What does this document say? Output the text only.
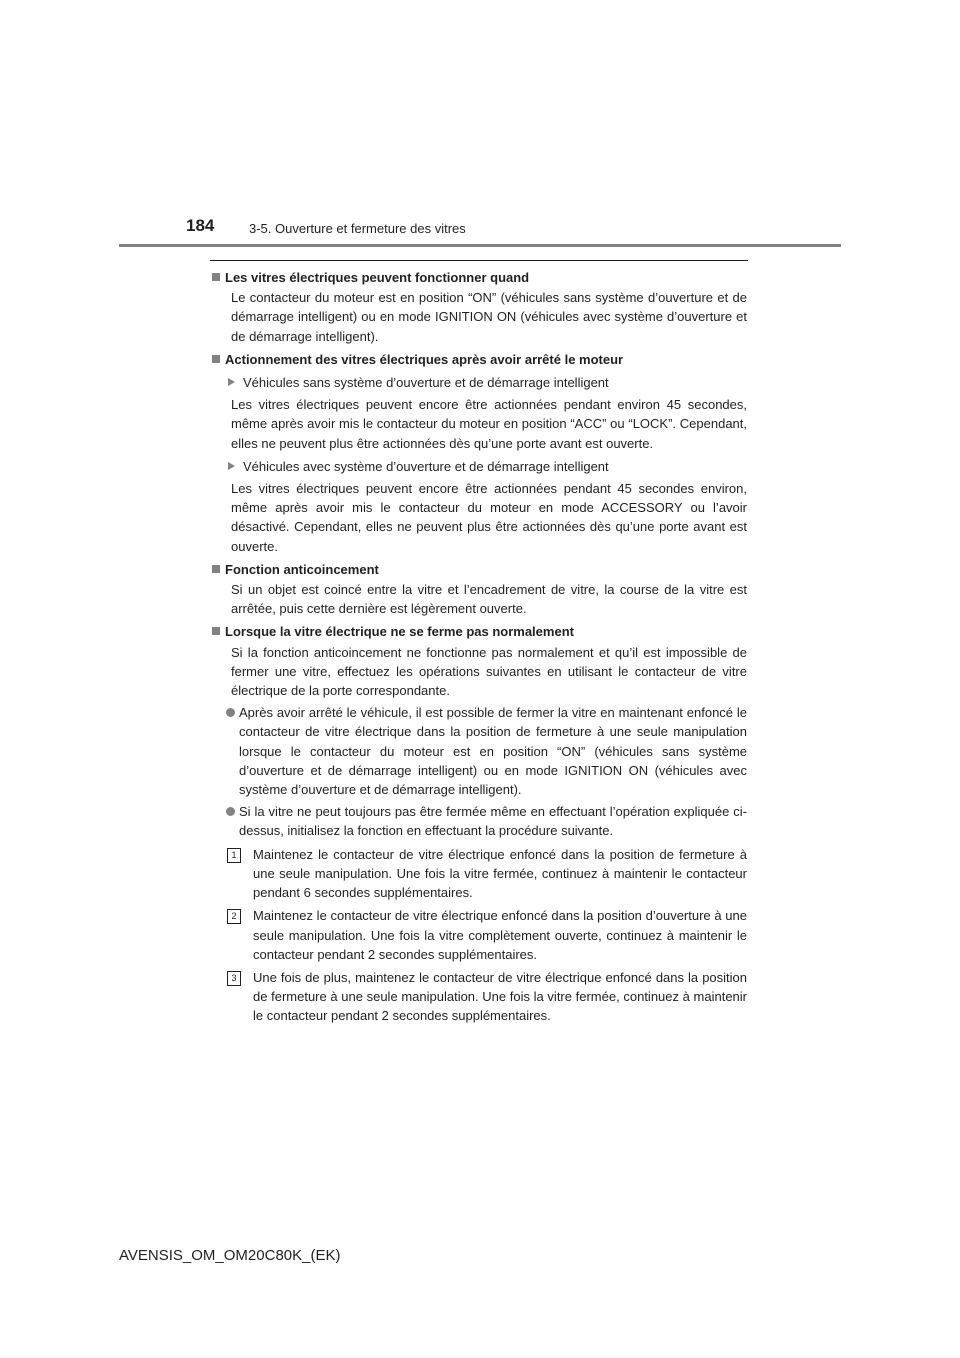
184	3-5. Ouverture et fermeture des vitres
Les vitres électriques peuvent fonctionner quand
Le contacteur du moteur est en position “ON” (véhicules sans système d’ouverture et de démarrage intelligent) ou en mode IGNITION ON (véhicules avec système d’ouverture et de démarrage intelligent).
Actionnement des vitres électriques après avoir arrêté le moteur
Véhicules sans système d’ouverture et de démarrage intelligent
Les vitres électriques peuvent encore être actionnées pendant environ 45 secondes, même après avoir mis le contacteur du moteur en position “ACC” ou “LOCK”. Cependant, elles ne peuvent plus être actionnées dès qu’une porte avant est ouverte.
Véhicules avec système d’ouverture et de démarrage intelligent
Les vitres électriques peuvent encore être actionnées pendant 45 secondes environ, même après avoir mis le contacteur du moteur en mode ACCESSORY ou l’avoir désactivé. Cependant, elles ne peuvent plus être actionnées dès qu’une porte avant est ouverte.
Fonction anticoincement
Si un objet est coincé entre la vitre et l’encadrement de vitre, la course de la vitre est arrêtée, puis cette dernière est légèrement ouverte.
Lorsque la vitre électrique ne se ferme pas normalement
Si la fonction anticoincement ne fonctionne pas normalement et qu’il est impossible de fermer une vitre, effectuez les opérations suivantes en utilisant le contacteur de vitre électrique de la porte correspondante.
Après avoir arrêté le véhicule, il est possible de fermer la vitre en maintenant enfoncé le contacteur de vitre électrique dans la position de fermeture à une seule manipulation lorsque le contacteur du moteur est en position “ON” (véhicules sans système d’ouverture et de démarrage intelligent) ou en mode IGNITION ON (véhicules avec système d’ouverture et de démarrage intelligent).
Si la vitre ne peut toujours pas être fermée même en effectuant l’opération expliquée ci-dessus, initialisez la fonction en effectuant la procédure suivante.
1	Maintenez le contacteur de vitre électrique enfoncé dans la position de fermeture à une seule manipulation. Une fois la vitre fermée, continuez à maintenir le contacteur pendant 6 secondes supplémentaires.
2	Maintenez le contacteur de vitre électrique enfoncé dans la position d’ouverture à une seule manipulation. Une fois la vitre complètement ouverte, continuez à maintenir le contacteur pendant 2 secondes supplémentaires.
3	Une fois de plus, maintenez le contacteur de vitre électrique enfoncé dans la position de fermeture à une seule manipulation. Une fois la vitre fermée, continuez à maintenir le contacteur pendant 2 secondes supplémentaires.
AVENSIS_OM_OM20C80K_(EK)
